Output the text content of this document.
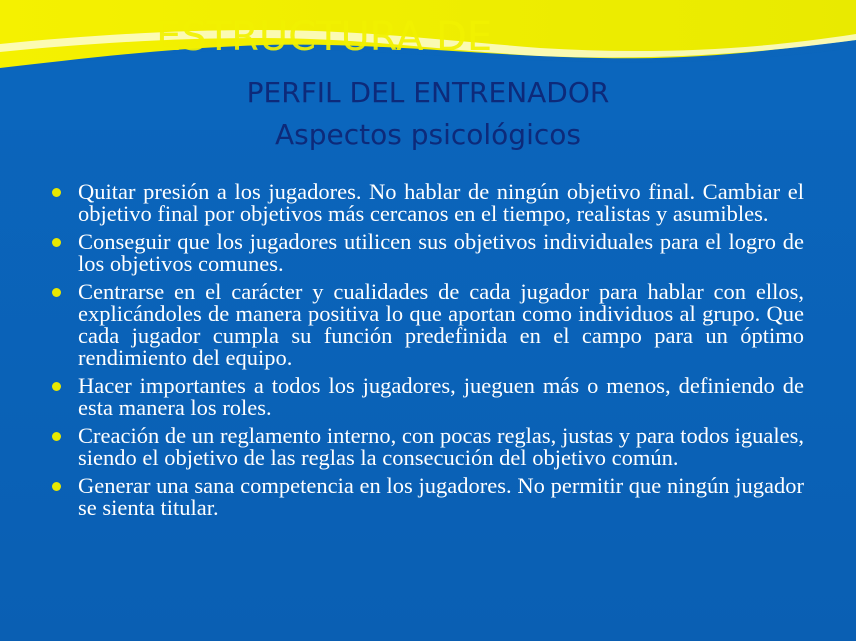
ESTRUCTURA DE
PERFIL DEL ENTRENADOR
Aspectos psicológicos
Quitar presión a los jugadores. No hablar de ningún objetivo final. Cambiar el objetivo final por objetivos más cercanos en el tiempo, realistas y asumibles.
Conseguir que los jugadores utilicen sus objetivos individuales para el logro de los objetivos comunes.
Centrarse en el carácter y cualidades de cada jugador para hablar con ellos, explicándoles de manera positiva lo que aportan como individuos al grupo. Que cada jugador cumpla su función predefinida en el campo para un óptimo rendimiento del equipo.
Hacer importantes a todos los jugadores, jueguen más o menos, definiendo de esta manera los roles.
Creación de un reglamento interno, con pocas reglas, justas y para todos iguales, siendo el objetivo de las reglas la consecución del objetivo común.
Generar una sana competencia en los jugadores. No permitir que ningún jugador se sienta titular.
